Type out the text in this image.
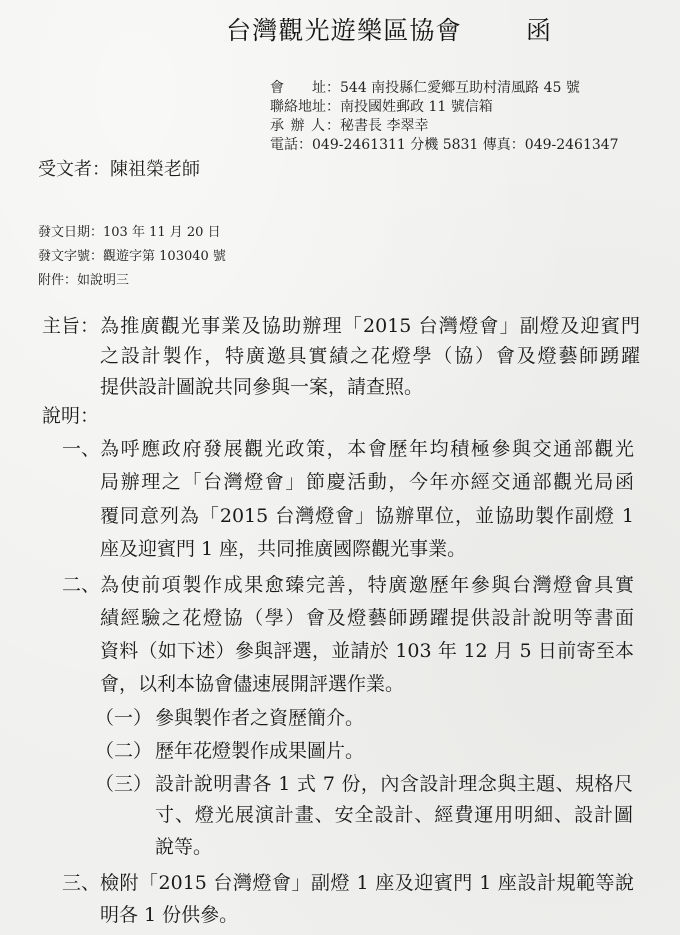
台灣觀光遊樂區協會	函
會　　址：544 南投縣仁愛鄉互助村清風路 45 號
聯絡地址：南投國姓郵政 11 號信箱
承 辦 人：秘書長 李翠幸
電話：049-2461311 分機 5831 傳真：049-2461347
受文者：陳祖榮老師
發文日期：103 年 11 月 20 日
發文字號：觀遊字第 103040 號
附件：如說明三
主旨： 為推廣觀光事業及協助辦理「2015 台灣燈會」副燈及迎賓門
之設計製作，特廣邀具實績之花燈學（協）會及燈藝師踴躍
提供設計圖說共同參與一案，請查照。
說明：
一、 為呼應政府發展觀光政策，本會歷年均積極參與交通部觀光
局辦理之「台灣燈會」節慶活動，今年亦經交通部觀光局函
覆同意列為「2015 台灣燈會」協辦單位，並協助製作副燈 1
座及迎賓門 1 座，共同推廣國際觀光事業。
二、 為使前項製作成果愈臻完善，特廣邀歷年參與台灣燈會具實
績經驗之花燈協（學）會及燈藝師踴躍提供設計說明等書面
資料（如下述）參與評選，並請於 103 年 12 月 5 日前寄至本
會，以利本協會儘速展開評選作業。
（一） 參與製作者之資歷簡介。
（二） 歷年花燈製作成果圖片。
（三） 設計說明書各 1 式 7 份，內含設計理念與主題、規格尺
寸、燈光展演計畫、安全設計、經費運用明細、設計圖
說等。
三、 檢附「2015 台灣燈會」副燈 1 座及迎賓門 1 座設計規範等說
明各 1 份供參。
